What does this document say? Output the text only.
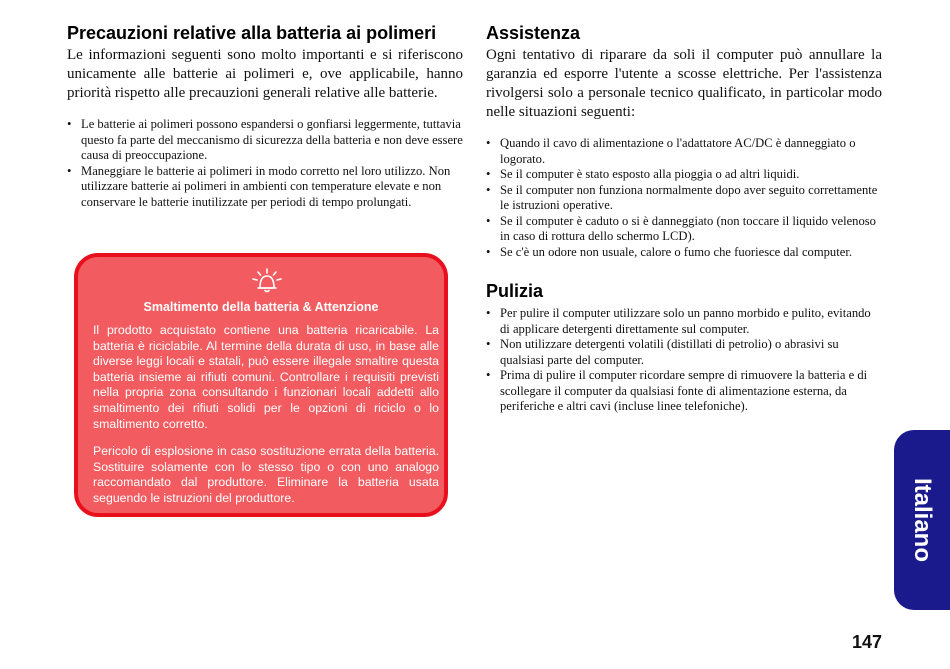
Precauzioni relative alla batteria ai polimeri

Le informazioni seguenti sono molto importanti e si riferiscono unicamente alle batterie ai polimeri e, ove applicabile, hanno priorità rispetto alle precauzioni generali relative alle batterie.

• Le batterie ai polimeri possono espandersi o gonfiarsi leggermente, tuttavia questo fa parte del meccanismo di sicurezza della batteria e non deve essere causa di preoccupazione.
• Maneggiare le batterie ai polimeri in modo corretto nel loro utilizzo. Non utilizzare batterie ai polimeri in ambienti con temperature elevate e non conservare le batterie inutilizzate per periodi di tempo prolungati.
Smaltimento della batteria & Attenzione

Il prodotto acquistato contiene una batteria ricaricabile. La batteria è riciclabile. Al termine della durata di uso, in base alle diverse leggi locali e statali, può essere illegale smaltire questa batteria insieme ai rifiuti comuni. Controllare i requisiti previsti nella propria zona consultando i funzionari locali addetti allo smaltimento dei rifiuti solidi per le opzioni di riciclo o lo smaltimento corretto.

Pericolo di esplosione in caso sostituzione errata della batteria. Sostituire solamente con lo stesso tipo o con uno analogo raccomandato dal produttore. Eliminare la batteria usata seguendo le istruzioni del produttore.

Assistenza

Ogni tentativo di riparare da soli il computer può annullare la garanzia ed esporre l'utente a scosse elettriche. Per l'assistenza rivolgersi solo a personale tecnico qualificato, in particolar modo nelle situazioni seguenti:

• Quando il cavo di alimentazione o l'adattatore AC/DC è danneggiato o logorato.
• Se il computer è stato esposto alla pioggia o ad altri liquidi.
• Se il computer non funziona normalmente dopo aver seguito correttamente le istruzioni operative.
• Se il computer è caduto o si è danneggiato (non toccare il liquido velenoso in caso di rottura dello schermo LCD).
• Se c'è un odore non usuale, calore o fumo che fuoriesce dal computer.
Pulizia
• Per pulire il computer utilizzare solo un panno morbido e pulito, evitando di applicare detergenti direttamente sul computer.
• Non utilizzare detergenti volatili (distillati di petrolio) o abrasivi su qualsiasi parte del computer.
• Prima di pulire il computer ricordare sempre di rimuovere la batteria e di scollegare il computer da qualsiasi fonte di alimentazione esterna, da periferiche e altri cavi (incluse linee telefoniche).
Italiano
147
